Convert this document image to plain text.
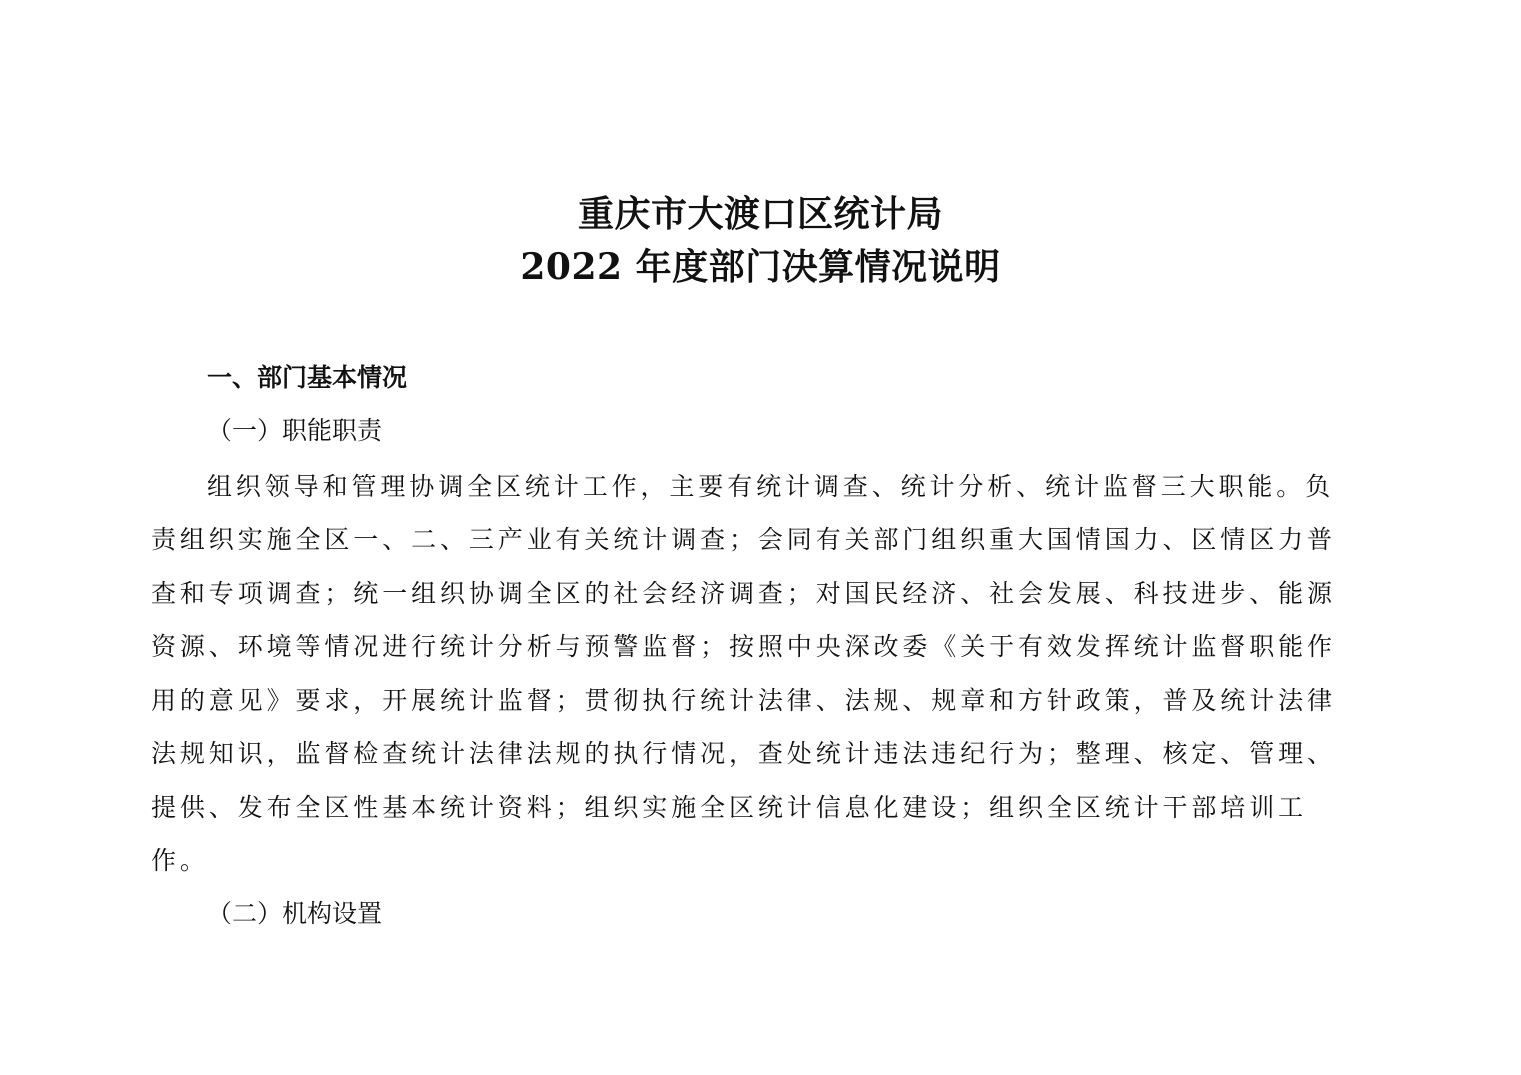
重庆市大渡口区统计局
2022 年度部门决算情况说明
一、部门基本情况
（一）职能职责
组织领导和管理协调全区统计工作，主要有统计调查、统计分析、统计监督三大职能。负
责组织实施全区一、二、三产业有关统计调查；会同有关部门组织重大国情国力、区情区力普
查和专项调查；统一组织协调全区的社会经济调查；对国民经济、社会发展、科技进步、能源
资源、环境等情况进行统计分析与预警监督；按照中央深改委《关于有效发挥统计监督职能作
用的意见》要求，开展统计监督；贯彻执行统计法律、法规、规章和方针政策，普及统计法律
法规知识，监督检查统计法律法规的执行情况，查处统计违法违纪行为；整理、核定、管理、
提供、发布全区性基本统计资料；组织实施全区统计信息化建设；组织全区统计干部培训工
作。
（二）机构设置
